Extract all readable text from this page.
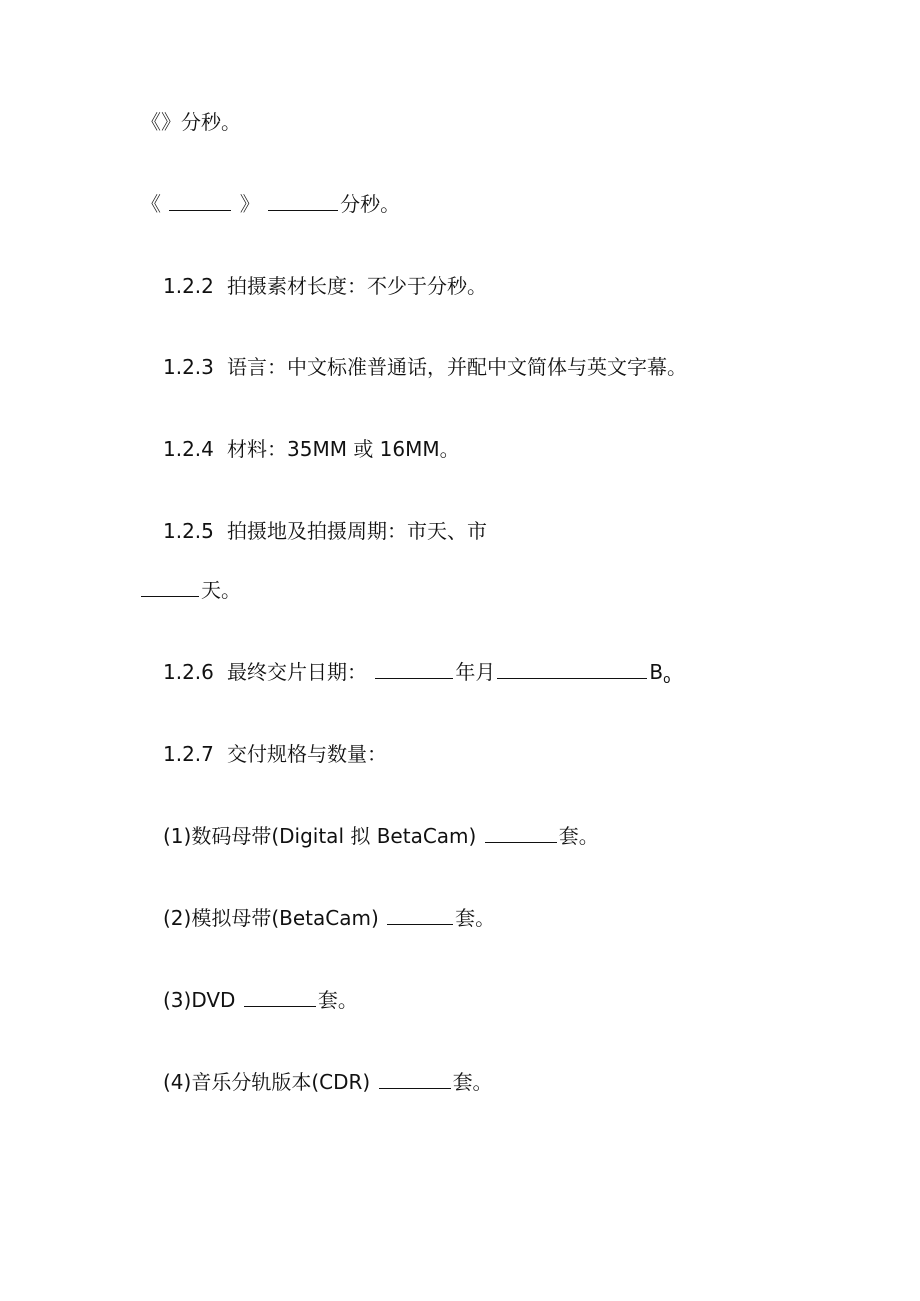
《》分秒。
《	》	分秒。
1.2.2 拍摄素材长度：不少于分秒。
1.2.3 语言：中文标准普通话，并配中文简体与英文字幕。
1.2.4 材料：35MM 或 16MM。
1.2.5 拍摄地及拍摄周期：市天、市
天。
1.2.6 最终交片日期：	年月	$B_o$
1.2.7 交付规格与数量：
(1)数码母带(Digital 拟 BetaCam)	套。
(2)模拟母带(BetaCam)	套。
(3)DVD	套。
(4)音乐分轨版本(CDR)	套。
